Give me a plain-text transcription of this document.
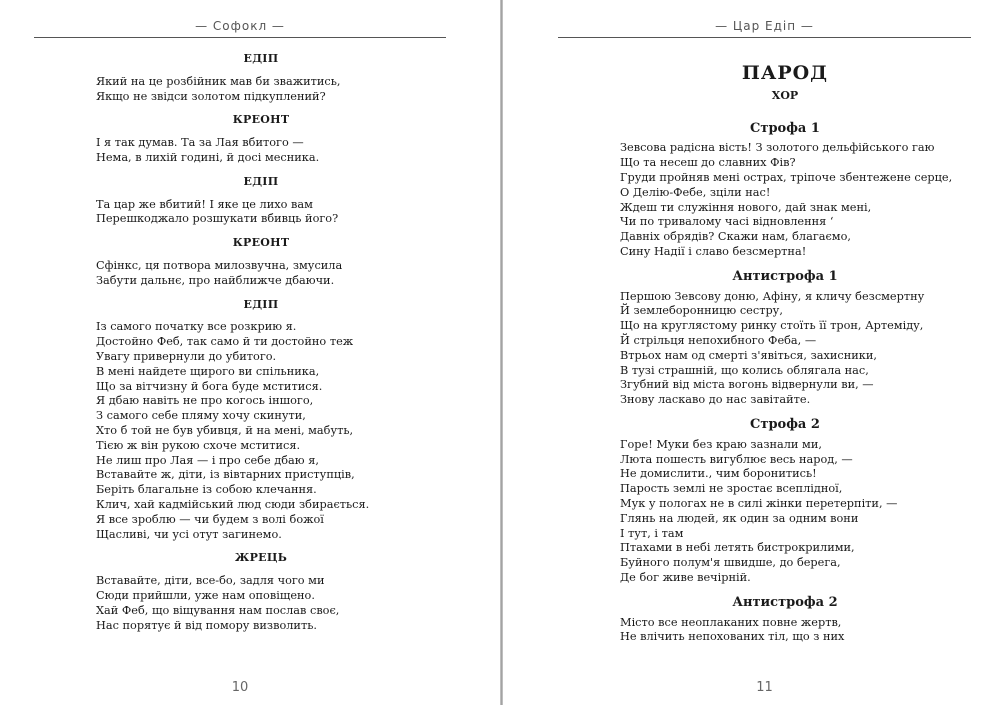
— Софокл —
ЕДІП
Який на це розбійник мав би зважитись,
Якщо не звідси золотом підкуплений?
КРЕОНТ
І я так думав. Та за Лая вбитого —
Нема, в лихій годині, й досі месника.
ЕДІП
Та цар же вбитий! І яке це лихо вам
Перешкоджало розшукати вбивць його?
КРЕОНТ
Сфінкс, ця потвора милозвучна, змусила
Забути дальнє, про найближче дбаючи.
ЕДІП
Із самого початку все розкрию я.
Достойно Феб, так само й ти достойно теж
Увагу привернули до убитого.
В мені найдете щирого ви спільника,
Що за вітчизну й бога буде мститися.
Я дбаю навіть не про когось іншого,
З самого себе пляму хочу скинути,
Хто б той не був убивця, й на мені, мабуть,
Тією ж він рукою схоче мститися.
Не лиш про Лая — і про себе дбаю я,
Вставайте ж, діти, із вівтарних приступців,
Беріть благальне із собою клечання.
Клич, хай кадмійський люд сюди збирається.
Я все зроблю — чи будем з волі божої
Щасливі, чи усі отут загинемо.
ЖРЕЦЬ
Вставайте, діти, все-бо, задля чого ми
Сюди прийшли, уже нам оповіщено.
Хай Феб, що віщування нам послав своє,
Нас порятує й від помору визволить.
10
— Цар Едіп —
ПАРОД
ХОР
Строфа 1
Зевсова радісна вість! З золотого дельфійського гаю
Що та несеш до славних Фів?
Груди пройняв мені острах, тріпоче збентежене серце,
О Делію-Фебе, зціли нас!
Ждеш ти служіння нового, дай знак мені,
Чи по тривалому часі відновлення ‘
Давніх обрядів? Скажи нам, благаємо,
Сину Надії і славо безсмертна!
Антистрофа 1
Першою Зевсову доню, Афіну, я кличу безсмертну
Й землеборонницю сестру,
Що на круглястому ринку стоїть її трон, Артеміду,
Й стрільця непохибного Феба, —
Втрьох нам од смерті з'явіться, захисники,
В тузі страшній, що колись облягала нас,
Згубний від міста вогонь відвернули ви, —
Знову ласкаво до нас завітайте.
Строфа 2
Горе! Муки без краю зазнали ми,
Люта пошесть вигублює весь народ, —
Не домислити., чим боронитись!
Парость землі не зростає всеплідної,
Мук у пологах не в силі жінки перетерпіти, —
Глянь на людей, як один за одним вони
І тут, і там
Птахами в небі летять бистрокрилими,
Буйного полум'я швидше, до берега,
Де бог живе вечірній.
Антистрофа 2
Місто все неоплаканих повне жертв,
Не влічить непохованих тіл, що з них
11
